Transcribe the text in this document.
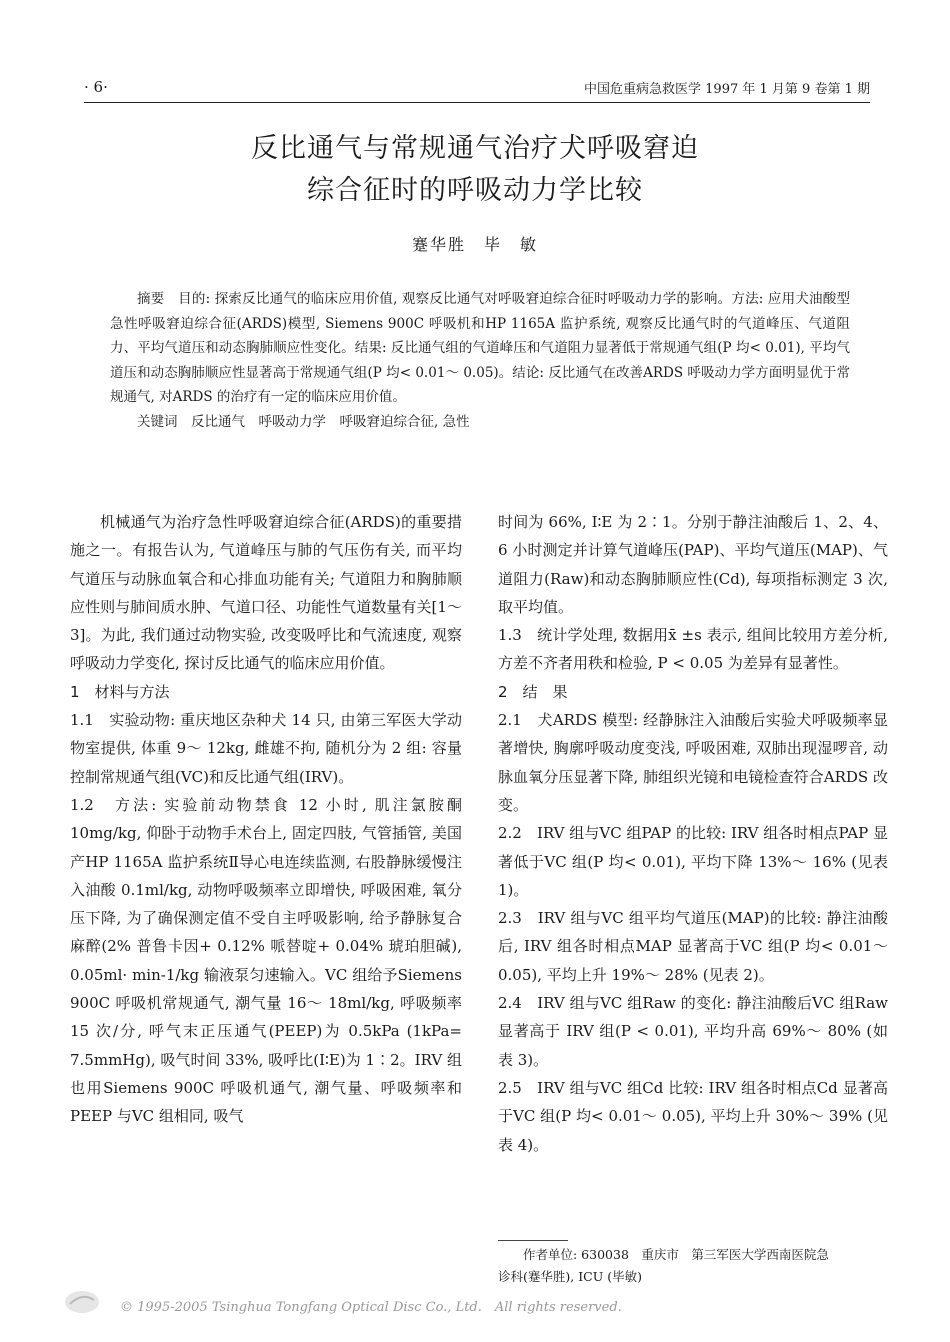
· 6·	中国危重病急救医学 1997 年 1 月第 9 卷第 1 期
反比通气与常规通气治疗犬呼吸窘迫
综合征时的呼吸动力学比较
蹇华胜　毕　敏

摘要　目的: 探索反比通气的临床应用价值, 观察反比通气对呼吸窘迫综合征时呼吸动力学的影响。方法: 应用犬油酸型急性呼吸窘迫综合征(ARDS)模型, Siemens 900C 呼吸机和HP 1165A 监护系统, 观察反比通气时的气道峰压、气道阻力、平均气道压和动态胸肺顺应性变化。结果: 反比通气组的气道峰压和气道阻力显著低于常规通气组(P 均< 0.01), 平均气道压和动态胸肺顺应性显著高于常规通气组(P 均< 0.01～ 0.05)。结论: 反比通气在改善ARDS 呼吸动力学方面明显优于常规通气, 对ARDS 的治疗有一定的临床应用价值。

关键词　反比通气　呼吸动力学　呼吸窘迫综合征, 急性

机械通气为治疗急性呼吸窘迫综合征(ARDS)的重要措施之一。有报告认为, 气道峰压与肺的气压伤有关, 而平均气道压与动脉血氧合和心排血功能有关; 气道阻力和胸肺顺应性则与肺间质水肿、气道口径、功能性气道数量有关[1～3]。为此, 我们通过动物实验, 改变吸呼比和气流速度, 观察呼吸动力学变化, 探讨反比通气的临床应用价值。

1　材料与方法

1.1　实验动物: 重庆地区杂种犬 14 只, 由第三军医大学动物室提供, 体重 9～ 12kg, 雌雄不拘, 随机分为 2 组: 容量控制常规通气组(VC)和反比通气组(IRV)。

1.2　方法: 实验前动物禁食 12 小时, 肌注氯胺酮 10mg/kg, 仰卧于动物手术台上, 固定四肢, 气管插管, 美国产HP 1165A 监护系统Ⅱ导心电连续监测, 右股静脉缓慢注入油酸 0.1ml/kg, 动物呼吸频率立即增快, 呼吸困难, 氧分压下降, 为了确保测定值不受自主呼吸影响, 给予静脉复合麻醉(2% 普鲁卡因+ 0.12% 哌替啶+ 0.04% 琥珀胆碱), 0.05ml· min-1/kg 输液泵匀速输入。VC 组给予Siemens 900C 呼吸机常规通气, 潮气量 16～ 18ml/kg, 呼吸频率 15 次/分, 呼气末正压通气(PEEP)为 0.5kPa (1kPa= 7.5mmHg), 吸气时间 33%, 吸呼比(I∶E)为 1∶2。IRV 组也用Siemens 900C 呼吸机通气, 潮气量、呼吸频率和 PEEP 与VC 组相同, 吸气

时间为 66%, I∶E 为 2∶1。分别于静注油酸后 1、2、4、6 小时测定并计算气道峰压(PAP)、平均气道压(MAP)、气道阻力(Raw)和动态胸肺顺应性(Cd), 每项指标测定 3 次, 取平均值。

1.3　统计学处理, 数据用x̄ ±s 表示, 组间比较用方差分析, 方差不齐者用秩和检验, P < 0.05 为差异有显著性。

2　结　果

2.1　犬ARDS 模型: 经静脉注入油酸后实验犬呼吸频率显著增快, 胸廓呼吸动度变浅, 呼吸困难, 双肺出现湿啰音, 动脉血氧分压显著下降, 肺组织光镜和电镜检查符合ARDS 改变。

2.2　IRV 组与VC 组PAP 的比较: IRV 组各时相点PAP 显著低于VC 组(P 均< 0.01), 平均下降 13%～ 16% (见表 1)。

2.3　IRV 组与VC 组平均气道压(MAP)的比较: 静注油酸后, IRV 组各时相点MAP 显著高于VC 组(P 均< 0.01～ 0.05), 平均上升 19%～ 28% (见表 2)。

2.4　IRV 组与VC 组Raw 的变化: 静注油酸后VC 组Raw 显著高于 IRV 组(P < 0.01), 平均升高 69%～ 80% (如表 3)。

2.5　IRV 组与VC 组Cd 比较: IRV 组各时相点Cd 显著高于VC 组(P 均< 0.01～ 0.05), 平均上升 30%～ 39% (见表 4)。

作者单位: 630038　重庆市　第三军医大学西南医院急

诊科(蹇华胜), ICU (毕敏)

© 1995-2005 Tsinghua Tongfang Optical Disc Co., Ltd.　All rights reserved.
